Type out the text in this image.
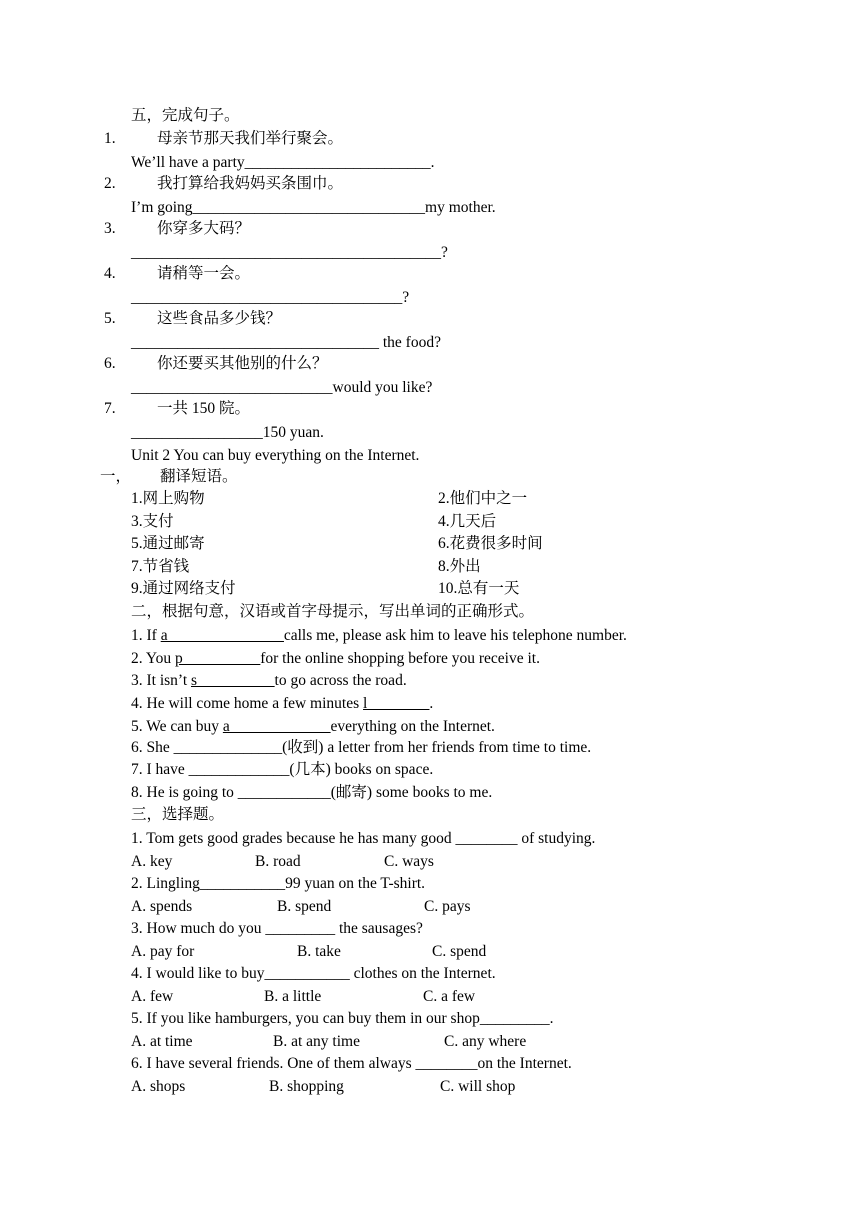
五，完成句子。
1.	母亲节那天我们举行聚会。
We’ll have a party________________________.
2.	我打算给我妈妈买条围巾。
I’m going______________________________my mother.
3.	你穿多大码？
________________________________________?
4.	请稍等一会。
___________________________________?
5.	这些食品多少钱？
________________________________ the food?
6.	你还要买其他别的什么？
__________________________would you like?
7.	一共 150 院。
_________________150 yuan.
Unit 2 You can buy everything on the Internet.
一， 翻译短语。
1.网上购物	2.他们中之一
3.支付	4.几天后
5.通过邮寄	6.花费很多时间
7.节省钱	8.外出
9.通过网络支付	10.总有一天
二，根据句意，汉语或首字母提示，写出单词的正确形式。
1. If a_______________calls me, please ask him to leave his telephone number.
2. You p__________for the online shopping before you receive it.
3. It isn’t s__________to go across the road.
4. He will come home a few minutes l________.
5. We can buy a_____________everything on the Internet.
6. She ______________(收到) a letter from her friends from time to time.
7. I have _____________(几本) books on space.
8. He is going to ____________(邮寄) some books to me.
三，选择题。
1. Tom gets good grades because he has many good ________ of studying.
A. key	B. road	C. ways
2. Lingling___________99 yuan on the T-shirt.
A. spends	B. spend	C. pays
3. How much do you _________ the sausages?
A. pay for	B. take	C. spend
4. I would like to buy___________ clothes on the Internet.
A. few	B. a little	C. a few
5. If you like hamburgers, you can buy them in our shop_________.
A. at time	B. at any time	C. any where
6. I have several friends. One of them always ________on the Internet.
A. shops	B. shopping	C. will shop
